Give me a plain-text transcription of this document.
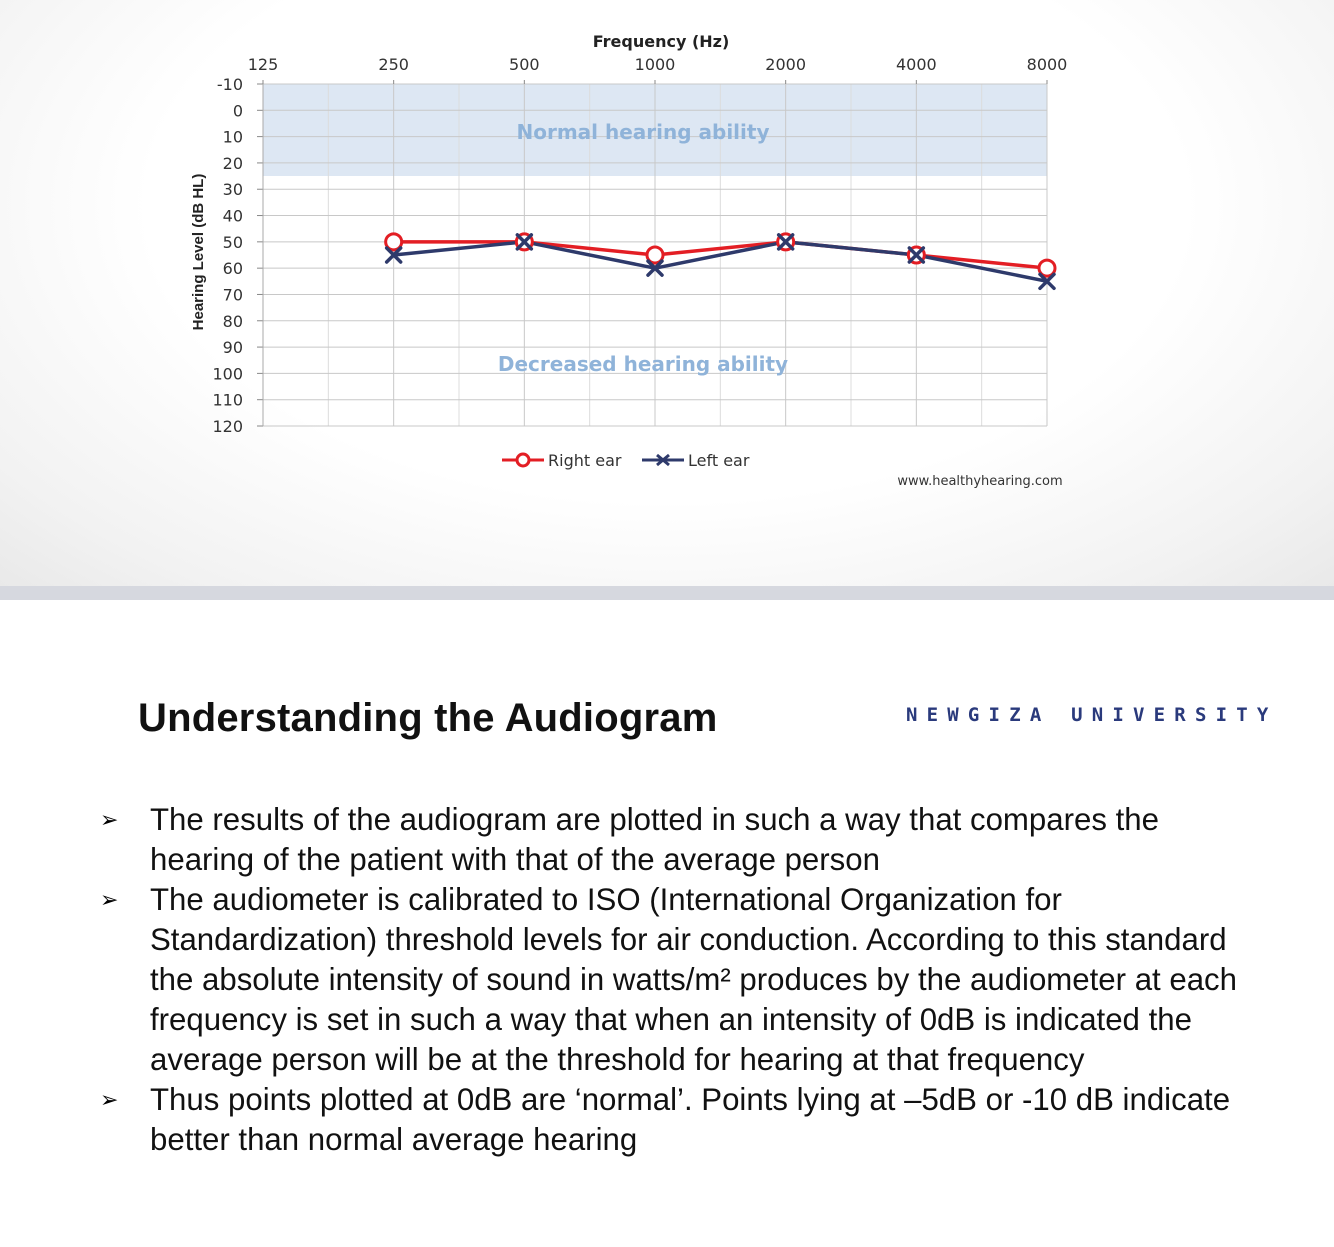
125	250	500	1000	2000	4000	8000
-10
0
10
20
30
40
50
60
70
80
90
100
110
120
Frequency (Hz)
Hearing Level (dB HL)
Normal hearing ability
Decreased hearing ability
Right ear	Left ear
www.healthyhearing.com
Understanding the Audiogram	NEWGIZA UNIVERSITY
➢ The results of the audiogram are plotted in such a way that compares the hearing of the patient with that of the average person
➢ The audiometer is calibrated to ISO (International Organization for Standardization) threshold levels for air conduction. According to this standard the absolute intensity of sound in watts/m² produces by the audiometer at each frequency is set in such a way that when an intensity of 0dB is indicated the average person will be at the threshold for hearing at that frequency
➢ Thus points plotted at 0dB are ‘normal’. Points lying at –5dB or -10 dB indicate better than normal average hearing
